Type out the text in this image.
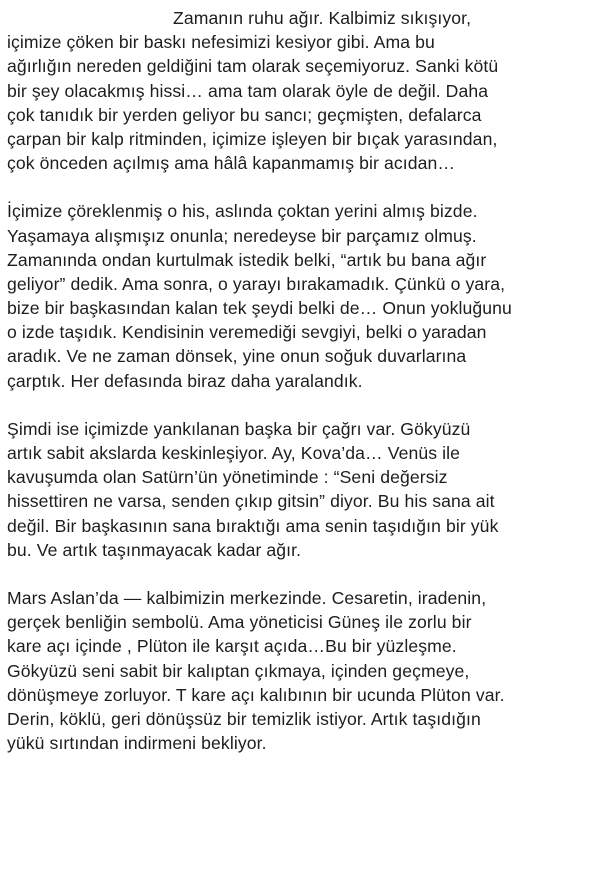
Zamanın ruhu ağır. Kalbimiz sıkışıyor,
içimize çöken bir baskı nefesimizi kesiyor gibi. Ama bu
ağırlığın nereden geldiğini tam olarak seçemiyoruz. Sanki kötü
bir şey olacakmış hissi… ama tam olarak öyle de değil. Daha
çok tanıdık bir yerden geliyor bu sancı; geçmişten, defalarca
çarpan bir kalp ritminden, içimize işleyen bir bıçak yarasından,
çok önceden açılmış ama hâlâ kapanmamış bir acıdan…
İçimize çöreklenmiş o his, aslında çoktan yerini almış bizde.
Yaşamaya alışmışız onunla; neredeyse bir parçamız olmuş.
Zamanında ondan kurtulmak istedik belki, “artık bu bana ağır
geliyor” dedik. Ama sonra, o yarayı bırakamadık. Çünkü o yara,
bize bir başkasından kalan tek şeydi belki de… Onun yokluğunu
o izde taşıdık. Kendisinin veremediği sevgiyi, belki o yaradan
aradık. Ve ne zaman dönsek, yine onun soğuk duvarlarına
çarptık. Her defasında biraz daha yaralandık.
Şimdi ise içimizde yankılanan başka bir çağrı var. Gökyüzü
artık sabit akslarda keskinleşiyor. Ay, Kova’da… Venüs ile
kavuşumda olan Satürn’ün yönetiminde : “Seni değersiz
hissettiren ne varsa, senden çıkıp gitsin” diyor. Bu his sana ait
değil. Bir başkasının sana bıraktığı ama senin taşıdığın bir yük
bu. Ve artık taşınmayacak kadar ağır.
Mars Aslan’da — kalbimizin merkezinde. Cesaretin, iradenin,
gerçek benliğin sembolü. Ama yöneticisi Güneş ile zorlu bir
kare açı içinde , Plüton ile karşıt açıda…Bu bir yüzleşme.
Gökyüzü seni sabit bir kalıptan çıkmaya, içinden geçmeye,
dönüşmeye zorluyor. T kare açı kalıbının bir ucunda Plüton var.
Derin, köklü, geri dönüşsüz bir temizlik istiyor. Artık taşıdığın
yükü sırtından indirmeni bekliyor.
